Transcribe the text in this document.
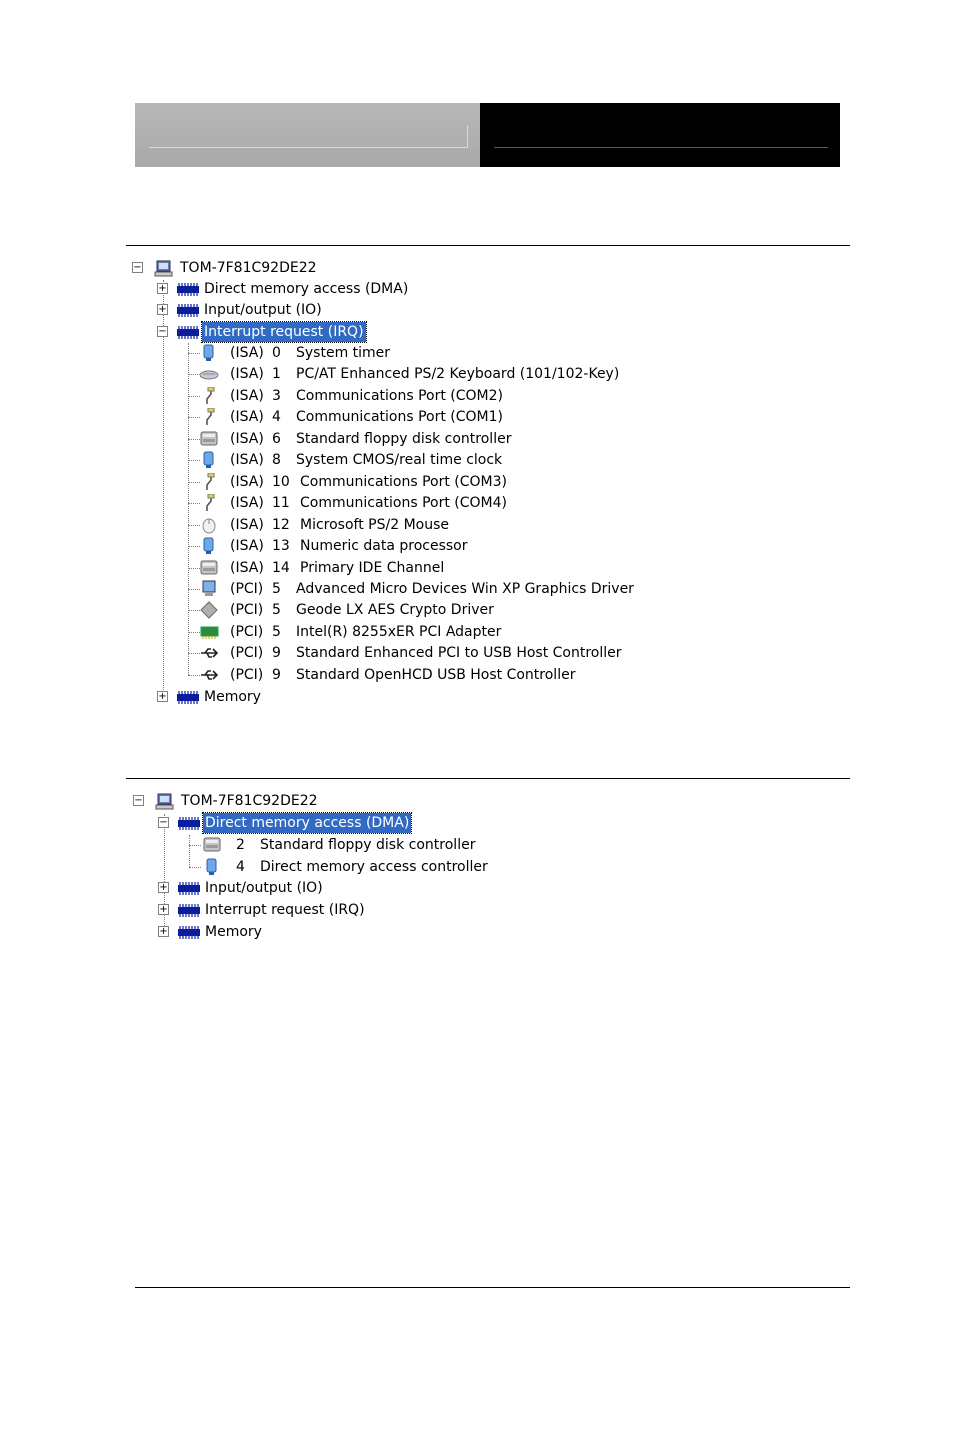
−	TOM-7F81C92DE22
+	Direct memory access (DMA)
+	Input/output (IO)
−	Interrupt request (IRQ)
(ISA) 0 System timer
(ISA) 1 PC/AT Enhanced PS/2 Keyboard (101/102-Key)
(ISA) 3 Communications Port (COM2)
(ISA) 4 Communications Port (COM1)
(ISA) 6 Standard floppy disk controller
(ISA) 8 System CMOS/real time clock
(ISA) 10 Communications Port (COM3)
(ISA) 11 Communications Port (COM4)
(ISA) 12 Microsoft PS/2 Mouse
(ISA) 13 Numeric data processor
(ISA) 14 Primary IDE Channel
(PCI) 5 Advanced Micro Devices Win XP Graphics Driver
(PCI) 5 Geode LX AES Crypto Driver
(PCI) 5 Intel(R) 8255xER PCI Adapter
(PCI) 9 Standard Enhanced PCI to USB Host Controller
(PCI) 9 Standard OpenHCD USB Host Controller
+	Memory
−	TOM-7F81C92DE22
−	Direct memory access (DMA)
2 Standard floppy disk controller
4 Direct memory access controller
+	Input/output (IO)
+	Interrupt request (IRQ)
+	Memory
